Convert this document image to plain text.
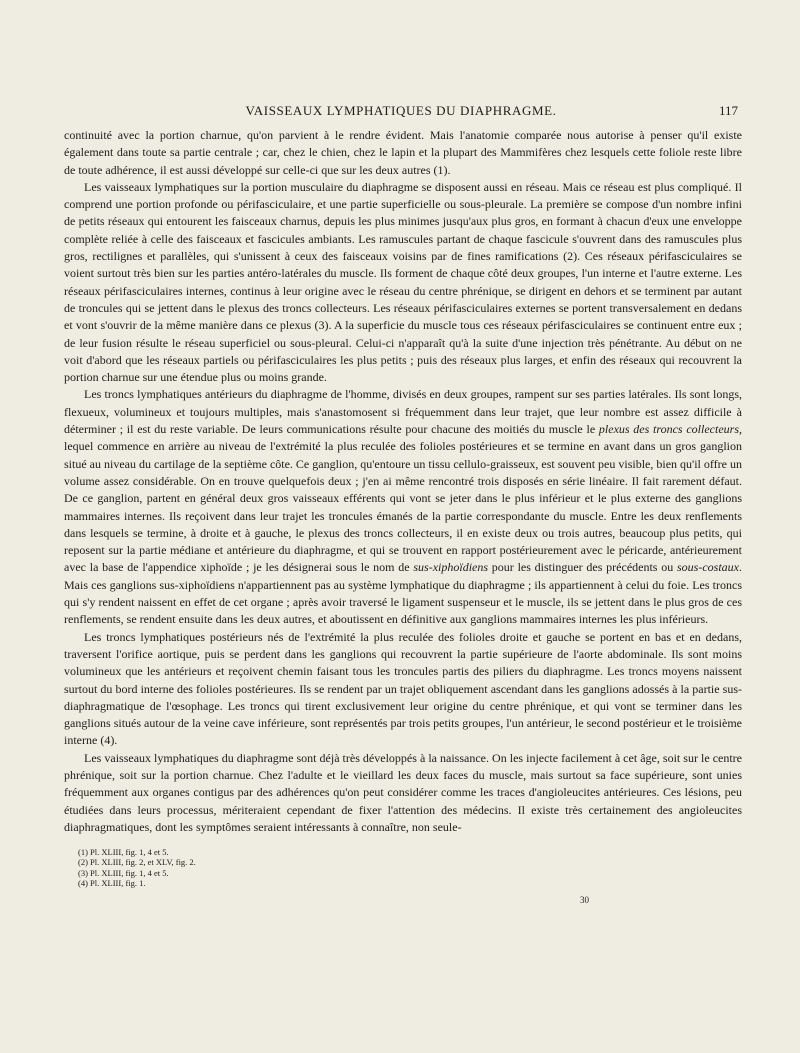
VAISSEAUX LYMPHATIQUES DU DIAPHRAGME.	117

continuité avec la portion charnue, qu'on parvient à le rendre évident. Mais l'anatomie comparée nous autorise à penser qu'il existe également dans toute sa partie centrale ; car, chez le chien, chez le lapin et la plupart des Mammifères chez lesquels cette foliole reste libre de toute adhérence, il est aussi développé sur celle-ci que sur les deux autres (1).

Les vaisseaux lymphatiques sur la portion musculaire du diaphragme se disposent aussi en réseau. Mais ce réseau est plus compliqué. Il comprend une portion profonde ou périfasciculaire, et une partie superficielle ou sous-pleurale. La première se compose d'un nombre infini de petits réseaux qui entourent les faisceaux charnus, depuis les plus minimes jusqu'aux plus gros, en formant à chacun d'eux une enveloppe complète reliée à celle des faisceaux et fascicules ambiants. Les ramuscules partant de chaque fascicule s'ouvrent dans des ramuscules plus gros, rectilignes et parallèles, qui s'unissent à ceux des faisceaux voisins par de fines ramifications (2). Ces réseaux périfasciculaires se voient surtout très bien sur les parties antéro-latérales du muscle. Ils forment de chaque côté deux groupes, l'un interne et l'autre externe. Les réseaux périfasciculaires internes, continus à leur origine avec le réseau du centre phrénique, se dirigent en dehors et se terminent par autant de troncules qui se jettent dans le plexus des troncs collecteurs. Les réseaux périfasciculaires externes se portent transversalement en dedans et vont s'ouvrir de la même manière dans ce plexus (3). A la superficie du muscle tous ces réseaux périfasciculaires se continuent entre eux ; de leur fusion résulte le réseau superficiel ou sous-pleural. Celui-ci n'apparaît qu'à la suite d'une injection très pénétrante. Au début on ne voit d'abord que les réseaux partiels ou périfasciculaires les plus petits ; puis des réseaux plus larges, et enfin des réseaux qui recouvrent la portion charnue sur une étendue plus ou moins grande.

Les troncs lymphatiques antérieurs du diaphragme de l'homme, divisés en deux groupes, rampent sur ses parties latérales. Ils sont longs, flexueux, volumineux et toujours multiples, mais s'anastomosent si fréquemment dans leur trajet, que leur nombre est assez difficile à déterminer ; il est du reste variable. De leurs communications résulte pour chacune des moitiés du muscle le plexus des troncs collecteurs, lequel commence en arrière au niveau de l'extrémité la plus reculée des folioles postérieures et se termine en avant dans un gros ganglion situé au niveau du cartilage de la septième côte. Ce ganglion, qu'entoure un tissu cellulo-graisseux, est souvent peu visible, bien qu'il offre un volume assez considérable. On en trouve quelquefois deux ; j'en ai même rencontré trois disposés en série linéaire. Il fait rarement défaut. De ce ganglion, partent en général deux gros vaisseaux efférents qui vont se jeter dans le plus inférieur et le plus externe des ganglions mammaires internes. Ils reçoivent dans leur trajet les troncules émanés de la partie correspondante du muscle. Entre les deux renflements dans lesquels se termine, à droite et à gauche, le plexus des troncs collecteurs, il en existe deux ou trois autres, beaucoup plus petits, qui reposent sur la partie médiane et antérieure du diaphragme, et qui se trouvent en rapport postérieurement avec le péricarde, antérieurement avec la base de l'appendice xiphoïde ; je les désignerai sous le nom de sus-xiphoïdiens pour les distinguer des précédents ou sous-costaux. Mais ces ganglions sus-xiphoïdiens n'appartiennent pas au système lymphatique du diaphragme ; ils appartiennent à celui du foie. Les troncs qui s'y rendent naissent en effet de cet organe ; après avoir traversé le ligament suspenseur et le muscle, ils se jettent dans le plus gros de ces renflements, se rendent ensuite dans les deux autres, et aboutissent en définitive aux ganglions mammaires internes les plus inférieurs.

Les troncs lymphatiques postérieurs nés de l'extrémité la plus reculée des folioles droite et gauche se portent en bas et en dedans, traversent l'orifice aortique, puis se perdent dans les ganglions qui recouvrent la partie supérieure de l'aorte abdominale. Ils sont moins volumineux que les antérieurs et reçoivent chemin faisant tous les troncules partis des piliers du diaphragme. Les troncs moyens naissent surtout du bord interne des folioles postérieures. Ils se rendent par un trajet obliquement ascendant dans les ganglions adossés à la partie sus-diaphragmatique de l'œsophage. Les troncs qui tirent exclusivement leur origine du centre phrénique, et qui vont se terminer dans les ganglions situés autour de la veine cave inférieure, sont représentés par trois petits groupes, l'un antérieur, le second postérieur et le troisième interne (4).

Les vaisseaux lymphatiques du diaphragme sont déjà très développés à la naissance. On les injecte facilement à cet âge, soit sur le centre phrénique, soit sur la portion charnue. Chez l'adulte et le vieillard les deux faces du muscle, mais surtout sa face supérieure, sont unies fréquemment aux organes contigus par des adhérences qu'on peut considérer comme les traces d'angioleucites antérieures. Ces lésions, peu étudiées dans leurs processus, mériteraient cependant de fixer l'attention des médecins. Il existe très certainement des angioleucites diaphragmatiques, dont les symptômes seraient intéressants à connaître, non seule-

(1) Pl. XLIII, fig. 1, 4 et 5.
(2) Pl. XLIII, fig. 2, et XLV, fig. 2.
(3) Pl. XLIII, fig. 1, 4 et 5.
(4) Pl. XLIII, fig. 1.
30
